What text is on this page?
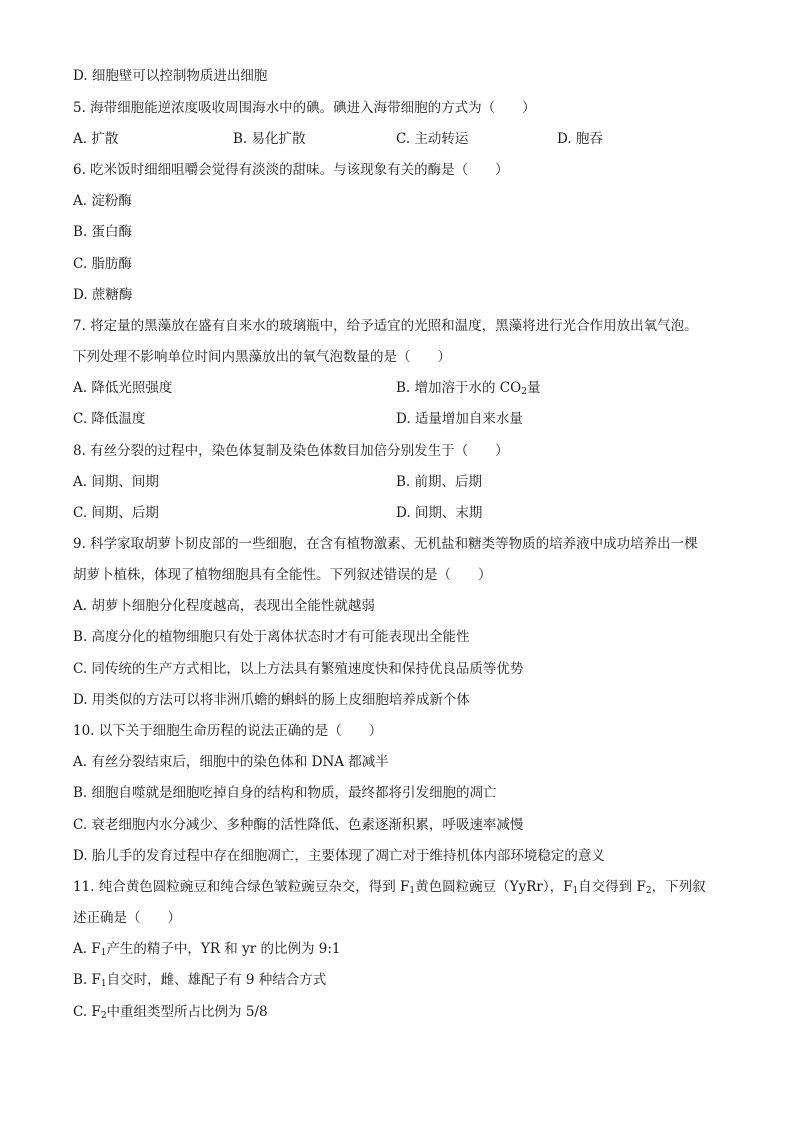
D. 细胞壁可以控制物质进出细胞
5. 海带细胞能逆浓度吸收周围海水中的碘。碘进入海带细胞的方式为（　　）
A. 扩散	B. 易化扩散	C. 主动转运	D. 胞吞
6. 吃米饭时细细咀嚼会觉得有淡淡的甜味。与该现象有关的酶是（　　）
A. 淀粉酶
B. 蛋白酶
C. 脂肪酶
D. 蔗糖酶
7. 将定量的黑藻放在盛有自来水的玻璃瓶中，给予适宜的光照和温度，黑藻将进行光合作用放出氧气泡。
下列处理不影响单位时间内黑藻放出的氧气泡数量的是（　　）
A. 降低光照强度	B. 增加溶于水的 $CO_2$量
C. 降低温度	D. 适量增加自来水量
8. 有丝分裂的过程中，染色体复制及染色体数目加倍分别发生于（　　）
A. 间期、间期	B. 前期、后期
C. 间期、后期	D. 间期、末期
9. 科学家取胡萝卜韧皮部的一些细胞，在含有植物激素、无机盐和糖类等物质的培养液中成功培养出一棵
胡萝卜植株，体现了植物细胞具有全能性。下列叙述错误的是（　　）
A. 胡萝卜细胞分化程度越高，表现出全能性就越弱
B. 高度分化的植物细胞只有处于离体状态时才有可能表现出全能性
C. 同传统的生产方式相比，以上方法具有繁殖速度快和保持优良品质等优势
D. 用类似的方法可以将非洲爪蟾的蝌蚪的肠上皮细胞培养成新个体
10. 以下关于细胞生命历程的说法正确的是（　　）
A. 有丝分裂结束后，细胞中的染色体和 DNA 都减半
B. 细胞自噬就是细胞吃掉自身的结构和物质，最终都将引发细胞的凋亡
C. 衰老细胞内水分减少、多种酶的活性降低、色素逐渐积累，呼吸速率减慢
D. 胎儿手的发育过程中存在细胞凋亡，主要体现了凋亡对于维持机体内部环境稳定的意义
11. 纯合黄色圆粒豌豆和纯合绿色皱粒豌豆杂交，得到 $F_1$黄色圆粒豌豆（YyRr），$F_1$自交得到 $F_2$，下列叙
述正确是（　　）
A. $F_1$产生的精子中，YR 和 yr 的比例为 9:1
B. $F_1$自交时，雌、雄配子有 9 种结合方式
C. $F_2$中重组类型所占比例为 5/8
